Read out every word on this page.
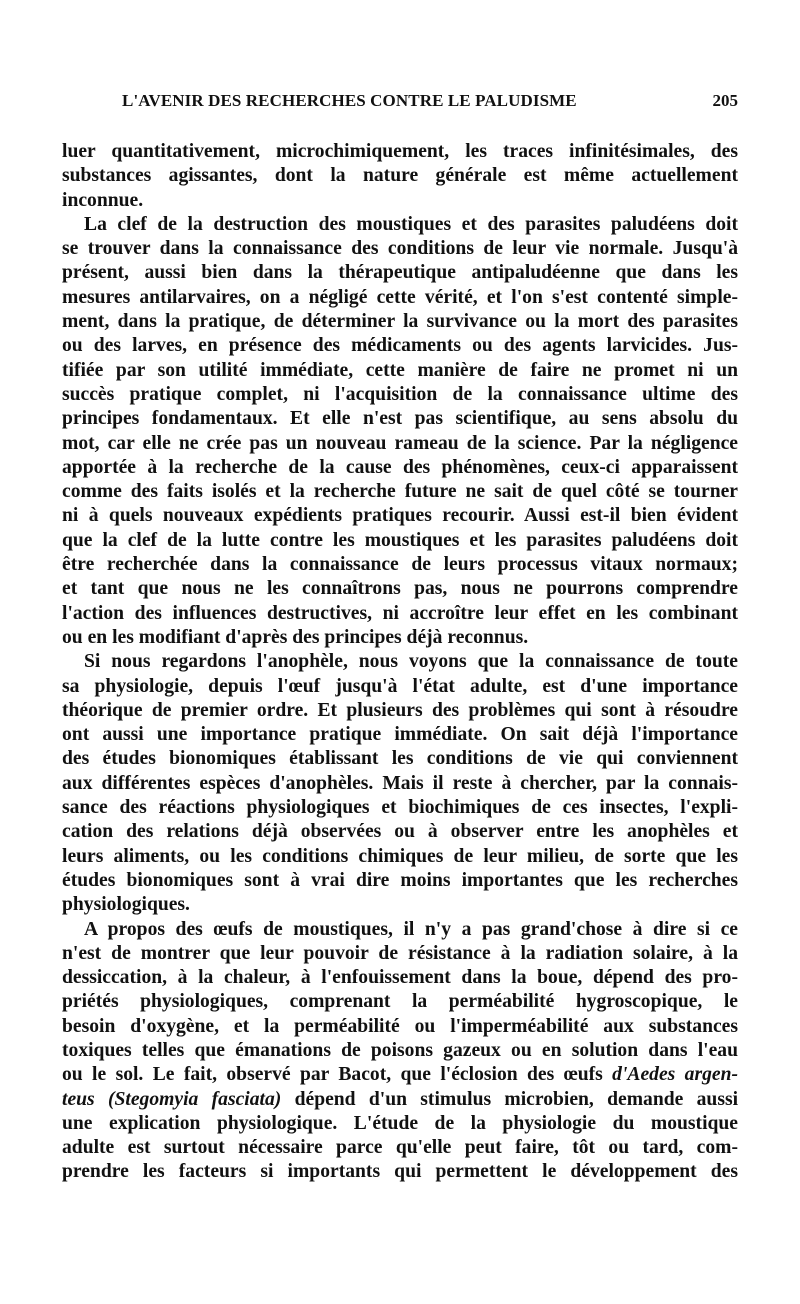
L'AVENIR DES RECHERCHES CONTRE LE PALUDISME	205
luer quantitativement, microchimiquement, les traces infinitésimales, des
substances agissantes, dont la nature générale est même actuellement
inconnue.
La clef de la destruction des moustiques et des parasites paludéens doit
se trouver dans la connaissance des conditions de leur vie normale. Jusqu'à
présent, aussi bien dans la thérapeutique antipaludéenne que dans les
mesures antilarvaires, on a négligé cette vérité, et l'on s'est contenté simple-
ment, dans la pratique, de déterminer la survivance ou la mort des parasites
ou des larves, en présence des médicaments ou des agents larvicides. Jus-
tifiée par son utilité immédiate, cette manière de faire ne promet ni un
succès pratique complet, ni l'acquisition de la connaissance ultime des
principes fondamentaux. Et elle n'est pas scientifique, au sens absolu du
mot, car elle ne crée pas un nouveau rameau de la science. Par la négligence
apportée à la recherche de la cause des phénomènes, ceux-ci apparaissent
comme des faits isolés et la recherche future ne sait de quel côté se tourner
ni à quels nouveaux expédients pratiques recourir. Aussi est-il bien évident
que la clef de la lutte contre les moustiques et les parasites paludéens doit
être recherchée dans la connaissance de leurs processus vitaux normaux;
et tant que nous ne les connaîtrons pas, nous ne pourrons comprendre
l'action des influences destructives, ni accroître leur effet en les combinant
ou en les modifiant d'après des principes déjà reconnus.
Si nous regardons l'anophèle, nous voyons que la connaissance de toute
sa physiologie, depuis l'œuf jusqu'à l'état adulte, est d'une importance
théorique de premier ordre. Et plusieurs des problèmes qui sont à résoudre
ont aussi une importance pratique immédiate. On sait déjà l'importance
des études bionomiques établissant les conditions de vie qui conviennent
aux différentes espèces d'anophèles. Mais il reste à chercher, par la connais-
sance des réactions physiologiques et biochimiques de ces insectes, l'expli-
cation des relations déjà observées ou à observer entre les anophèles et
leurs aliments, ou les conditions chimiques de leur milieu, de sorte que les
études bionomiques sont à vrai dire moins importantes que les recherches
physiologiques.
A propos des œufs de moustiques, il n'y a pas grand'chose à dire si ce
n'est de montrer que leur pouvoir de résistance à la radiation solaire, à la
dessiccation, à la chaleur, à l'enfouissement dans la boue, dépend des pro-
priétés physiologiques, comprenant la perméabilité hygroscopique, le
besoin d'oxygène, et la perméabilité ou l'imperméabilité aux substances
toxiques telles que émanations de poisons gazeux ou en solution dans l'eau
ou le sol. Le fait, observé par Bacot, que l'éclosion des œufs d'Aedes argen-
teus (Stegomyia fasciata) dépend d'un stimulus microbien, demande aussi
une explication physiologique. L'étude de la physiologie du moustique
adulte est surtout nécessaire parce qu'elle peut faire, tôt ou tard, com-
prendre les facteurs si importants qui permettent le développement des
